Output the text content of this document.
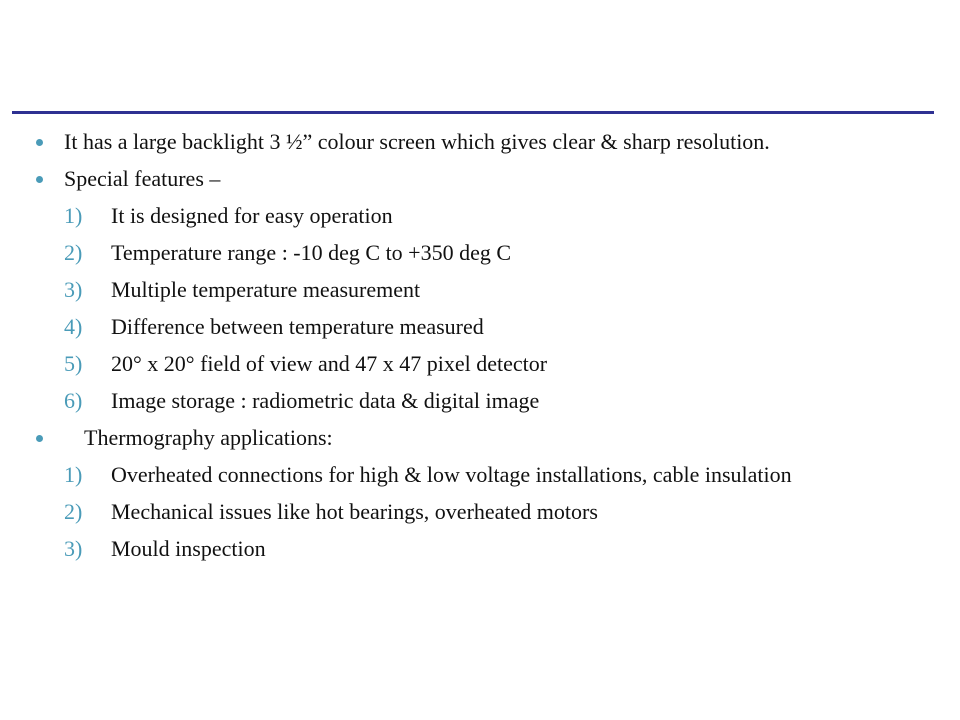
It has a large backlight 3 ½” colour screen which gives clear & sharp resolution.
Special features –
1) It is designed for easy operation
2) Temperature range : -10 deg C to +350 deg C
3) Multiple temperature measurement
4) Difference between temperature measured
5) 20° x 20° field of view and 47 x 47 pixel detector
6) Image storage : radiometric data & digital image
Thermography applications:
1) Overheated connections for high & low voltage installations, cable insulation
2) Mechanical issues like hot bearings, overheated motors
3) Mould inspection
